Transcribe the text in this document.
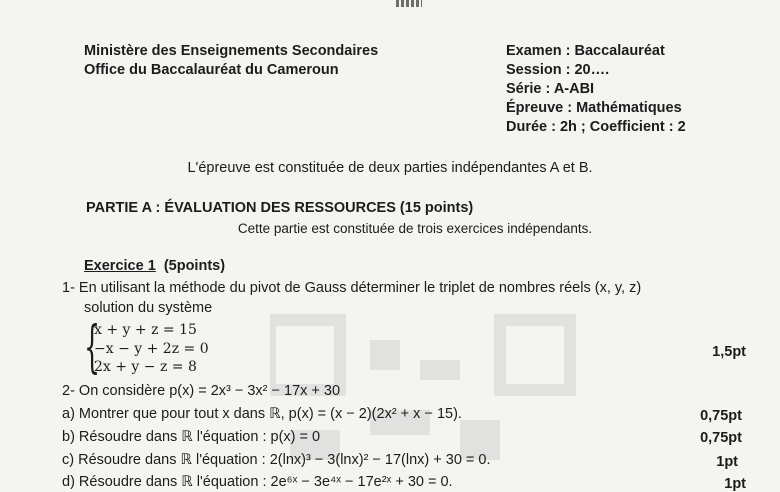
Ministère des Enseignements Secondaires
Office du Baccalauréat du Cameroun
Examen : Baccalauréat
Session : 20….
Série : A-ABI
Épreuve : Mathématiques
Durée : 2h ; Coefficient : 2
L'épreuve est constituée de deux parties indépendantes A et B.
PARTIE A : ÉVALUATION DES RESSOURCES (15 points)
Cette partie est constituée de trois exercices indépendants.
Exercice 1 (5points)
1- En utilisant la méthode du pivot de Gauss déterminer le triplet de nombres réels (x, y, z)
solution du système
{
x + y + z = 15
−x − y + 2z = 0
2x + y − z = 8
1,5pt
2- On considère p(x) = 2x³ − 3x² − 17x + 30
a) Montrer que pour tout x dans ℝ, p(x) = (x − 2)(2x² + x − 15).	0,75pt
b) Résoudre dans ℝ l'équation : p(x) = 0	0,75pt
c) Résoudre dans ℝ l'équation : 2(lnx)³ − 3(lnx)² − 17(lnx) + 30 = 0.	1pt
d) Résoudre dans ℝ l'équation : 2e⁶ˣ − 3e⁴ˣ − 17e²ˣ + 30 = 0.	1pt
